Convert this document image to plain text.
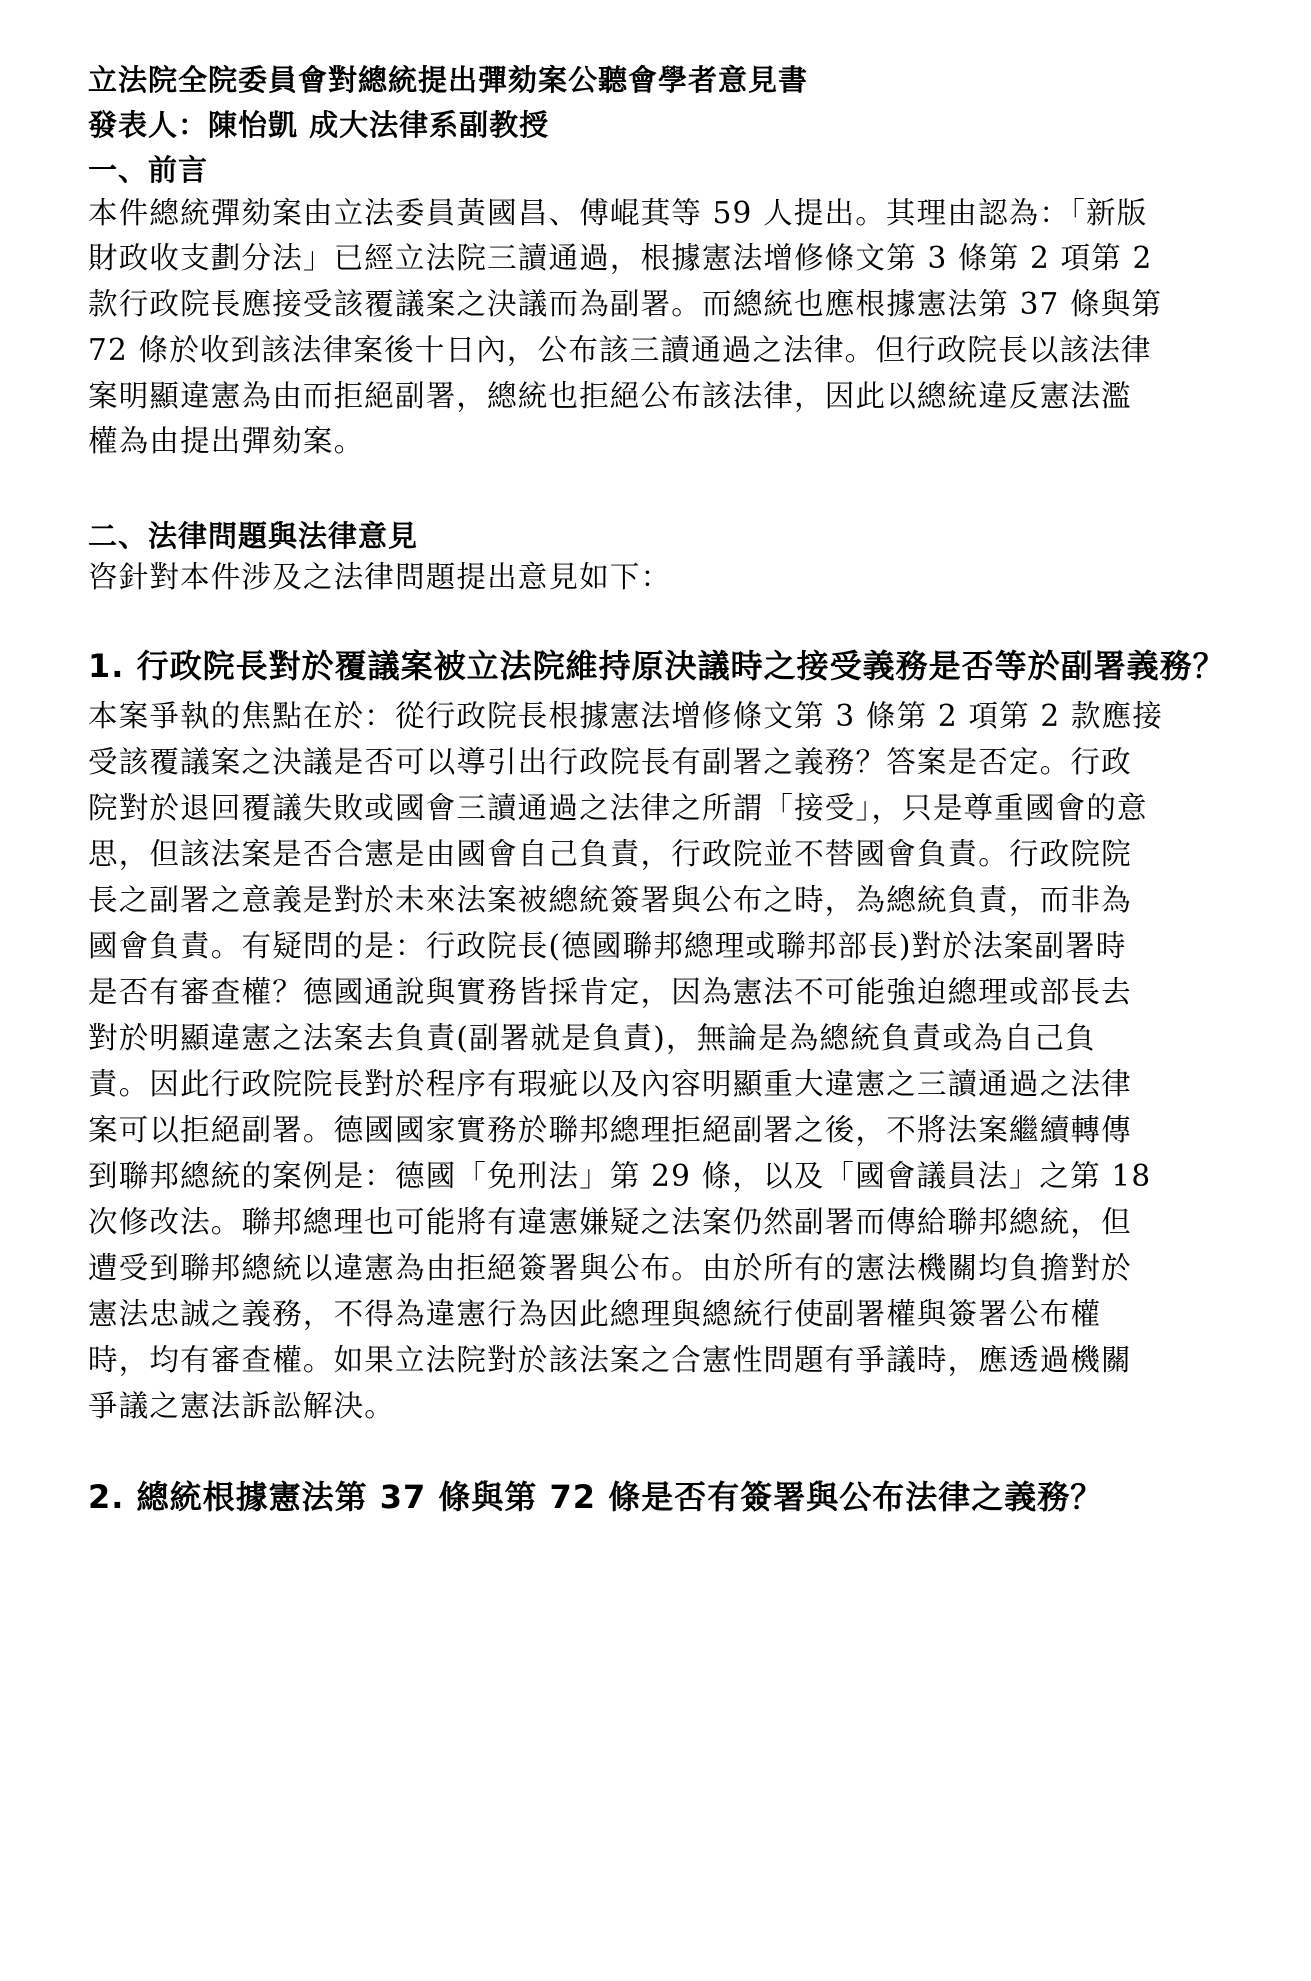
立法院全院委員會對總統提出彈劾案公聽會學者意見書
發表人：陳怡凱 成大法律系副教授
一、前言
本件總統彈劾案由立法委員黃國昌、傅崐萁等 59 人提出。其理由認為：「新版
財政收支劃分法」已經立法院三讀通過，根據憲法增修條文第 3 條第 2 項第 2
款行政院長應接受該覆議案之決議而為副署。而總統也應根據憲法第 37 條與第
72 條於收到該法律案後十日內，公布該三讀通過之法律。但行政院長以該法律
案明顯違憲為由而拒絕副署，總統也拒絕公布該法律，因此以總統違反憲法濫
權為由提出彈劾案。
二、法律問題與法律意見
咨針對本件涉及之法律問題提出意見如下：
1. 行政院長對於覆議案被立法院維持原決議時之接受義務是否等於副署義務？
本案爭執的焦點在於：從行政院長根據憲法增修條文第 3 條第 2 項第 2 款應接
受該覆議案之決議是否可以導引出行政院長有副署之義務？答案是否定。行政
院對於退回覆議失敗或國會三讀通過之法律之所謂「接受」，只是尊重國會的意
思，但該法案是否合憲是由國會自己負責，行政院並不替國會負責。行政院院
長之副署之意義是對於未來法案被總統簽署與公布之時，為總統負責，而非為
國會負責。有疑問的是：行政院長(德國聯邦總理或聯邦部長)對於法案副署時
是否有審查權？德國通說與實務皆採肯定，因為憲法不可能強迫總理或部長去
對於明顯違憲之法案去負責(副署就是負責)，無論是為總統負責或為自己負
責。因此行政院院長對於程序有瑕疵以及內容明顯重大違憲之三讀通過之法律
案可以拒絕副署。德國國家實務於聯邦總理拒絕副署之後，不將法案繼續轉傳
到聯邦總統的案例是：德國「免刑法」第 29 條，以及「國會議員法」之第 18
次修改法。聯邦總理也可能將有違憲嫌疑之法案仍然副署而傳給聯邦總統，但
遭受到聯邦總統以違憲為由拒絕簽署與公布。由於所有的憲法機關均負擔對於
憲法忠誠之義務，不得為違憲行為因此總理與總統行使副署權與簽署公布權
時，均有審查權。如果立法院對於該法案之合憲性問題有爭議時，應透過機關
爭議之憲法訴訟解決。
2. 總統根據憲法第 37 條與第 72 條是否有簽署與公布法律之義務？
